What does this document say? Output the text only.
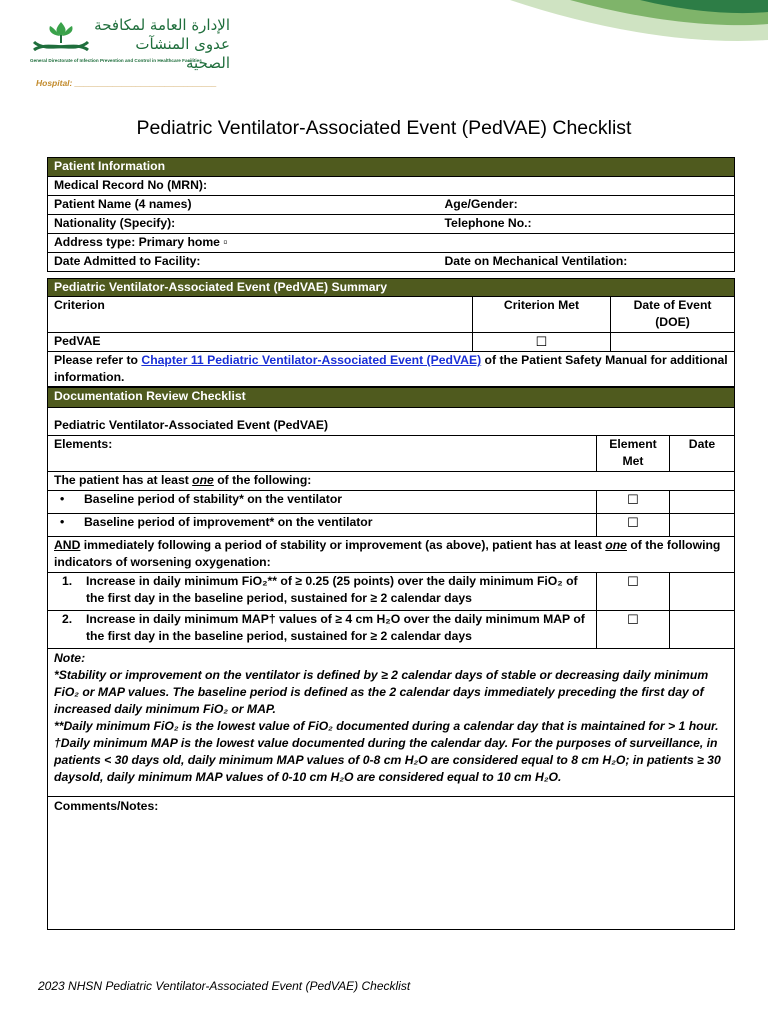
الإدارة العامة لمكافحة
عدوى المنشآت الصحية
General Directorate of Infection Prevention and Control in Healthcare Facilities
Hospital: ______________________________
Pediatric Ventilator-Associated Event (PedVAE) Checklist
Patient Information	
Medical Record No (MRN):	
Patient Name (4 names)	Age/Gender:
Nationality (Specify):	Telephone No.:
Address type: Primary home ▫	
Date Admitted to Facility:	Date on Mechanical Ventilation:
Pediatric Ventilator-Associated Event (PedVAE) Summary		
Criterion	Criterion Met	Date of Event (DOE)
PedVAE	☐	
Please refer to Chapter 11 Pediatric Ventilator-Associated Event (PedVAE) of the Patient Safety Manual for additional information.		
Documentation Review Checklist		
Pediatric Ventilator-Associated Event (PedVAE)		
Elements:	Element Met	Date
The patient has at least one of the following:		
• Baseline period of stability* on the ventilator	☐	
• Baseline period of improvement* on the ventilator	☐	
AND immediately following a period of stability or improvement (as above), patient has at least one of the following indicators of worsening oxygenation:		

1. Increase in daily minimum FiO₂** of ≥ 0.25 (25 points) over the daily minimum FiO₂ of the first day in the baseline period, sustained for ≥ 2 calendar days	☐	

2. Increase in daily minimum MAP† values of ≥ 4 cm H₂O over the daily minimum MAP of the first day in the baseline period, sustained for ≥ 2 calendar days	☐	

Note:
*Stability or improvement on the ventilator is defined by ≥ 2 calendar days of stable or decreasing daily minimum FiO₂ or MAP values. The baseline period is defined as the 2 calendar days immediately preceding the first day of increased daily minimum FiO₂ or MAP.
**Daily minimum FiO₂ is the lowest value of FiO₂ documented during a calendar day that is maintained for > 1 hour.
†Daily minimum MAP is the lowest value documented during the calendar day. For the purposes of surveillance, in patients < 30 days old, daily minimum MAP values of 0-8 cm H₂O are considered equal to 8 cm H₂O; in patients ≥ 30 daysold, daily minimum MAP values of 0-10 cm H₂O are considered equal to 10 cm H₂O.		

Comments/Notes:		
2023 NHSN Pediatric Ventilator-Associated Event (PedVAE) Checklist
